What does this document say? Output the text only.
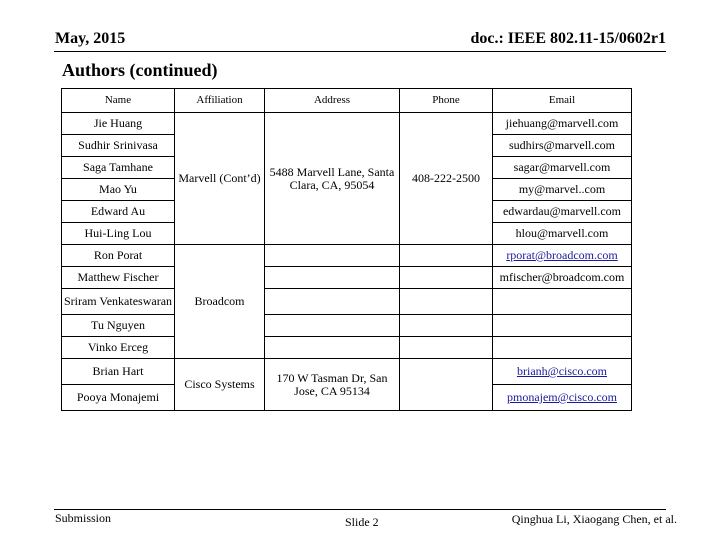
May, 2015	doc.: IEEE 802.11-15/0602r1
Authors (continued)
Name	Affiliation	Address	Phone	Email
Jie Huang	Marvell (Cont’d)	5488 Marvell Lane, Santa Clara, CA, 95054	408-222-2500	jiehuang@marvell.com
Sudhir Srinivasa				sudhirs@marvell.com
Saga Tamhane				sagar@marvell.com
Mao Yu				my@marvel..com
Edward Au				edwardau@marvell.com
Hui-Ling Lou				hlou@marvell.com
Ron Porat	Broadcom			rporat@broadcom.com
Matthew Fischer				mfischer@broadcom.com
Sriram Venkateswaran				
Tu Nguyen				
Vinko Erceg				
Brian Hart	Cisco Systems	170 W Tasman Dr, San Jose, CA 95134		brianh@cisco.com
Pooya Monajemi				pmonajem@cisco.com
Submission	Slide 2	Qinghua Li, Xiaogang Chen, et al.
